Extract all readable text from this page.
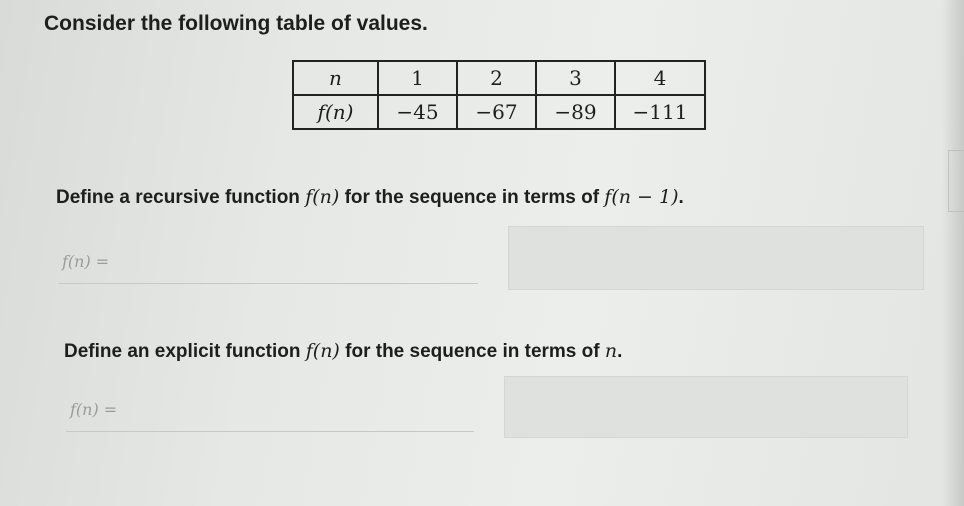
Consider the following table of values.
n	1	2	3	4
f(n)	−45	−67	−89	−111
Define a recursive function f(n) for the sequence in terms of f(n − 1).
f(n) =
Define an explicit function f(n) for the sequence in terms of n.
f(n) =
